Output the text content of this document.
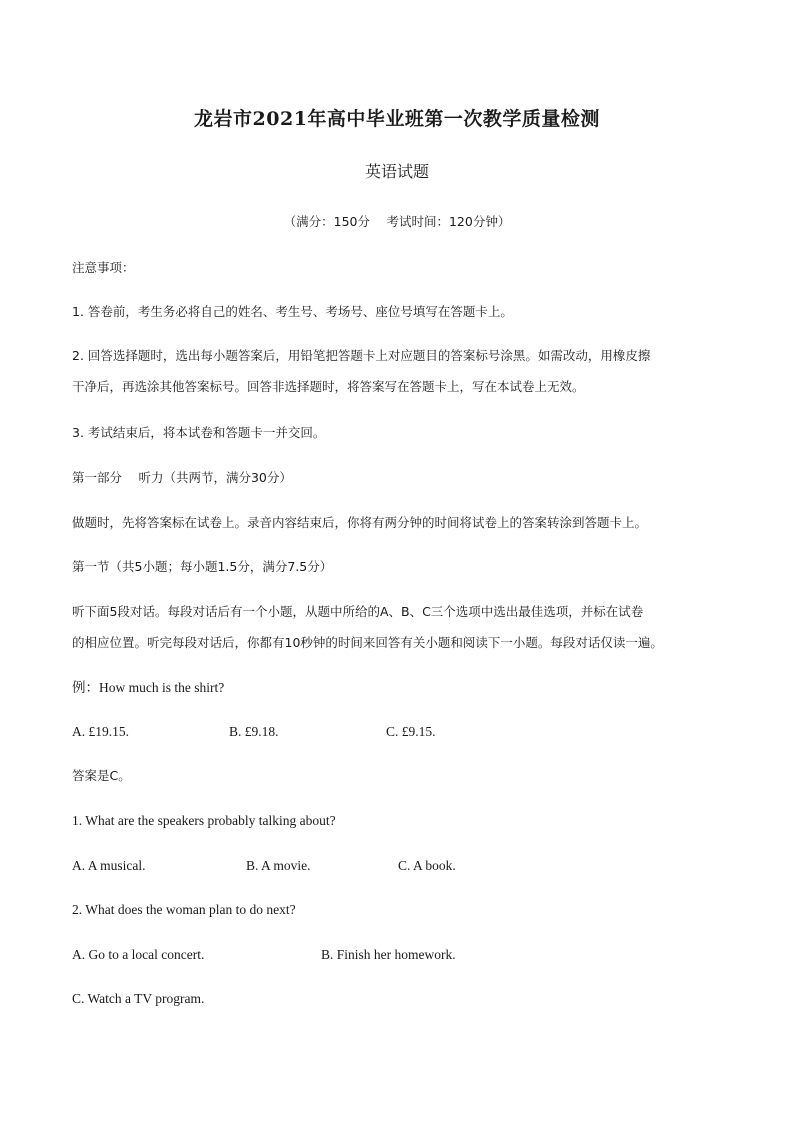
龙岩市2021年高中毕业班第一次教学质量检测
英语试题
（满分：150分　 考试时间：120分钟）
注意事项：
1. 答卷前，考生务必将自己的姓名、考生号、考场号、座位号填写在答题卡上。
2. 回答选择题时，选出每小题答案后，用铅笔把答题卡上对应题目的答案标号涂黑。如需改动，用橡皮擦
干净后，再选涂其他答案标号。回答非选择题时，将答案写在答题卡上，写在本试卷上无效。
3. 考试结束后，将本试卷和答题卡一并交回。
第一部分　 听力（共两节，满分30分）
做题时，先将答案标在试卷上。录音内容结束后，你将有两分钟的时间将试卷上的答案转涂到答题卡上。
第一节（共5小题；每小题1.5分，满分7.5分）
听下面5段对话。每段对话后有一个小题，从题中所给的A、B、C三个选项中选出最佳选项，并标在试卷
的相应位置。听完每段对话后，你都有10秒钟的时间来回答有关小题和阅读下一小题。每段对话仅读一遍。
例：How much is the shirt?
A. £19.15.	B. £9.18.	C. £9.15.
答案是C。
1. What are the speakers probably talking about?
A. A musical.	B. A movie.	C. A book.
2. What does the woman plan to do next?
A. Go to a local concert.	B. Finish her homework.
C. Watch a TV program.
